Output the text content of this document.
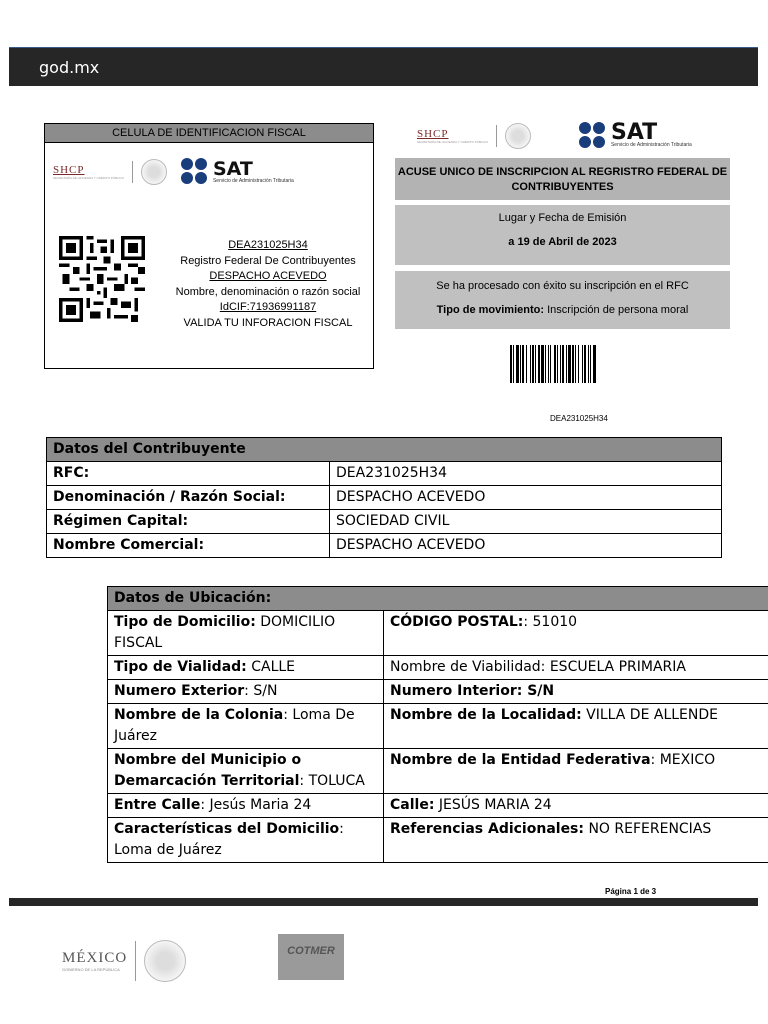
god.mx
CELULA DE IDENTIFICACION FISCAL
SHCP
SECRETARÍA DE HACIENDA Y CRÉDITO PÚBLICO	SAT
Servicio de Administración Tributaria
DEA231025H34
Registro Federal De Contribuyentes
DESPACHO ACEVEDO
Nombre, denominación o razón social
IdCIF:71936991187
VALIDA TU INFORACION FISCAL
SHCP
SECRETARÍA DE HACIENDA Y CRÉDITO PÚBLICO	SAT
Servicio de Administración Tributaria
ACUSE UNICO DE INSCRIPCION AL REGRISTRO FEDERAL DE CONTRIBUYENTES
Lugar y Fecha de Emisión
a 19 de Abril de 2023
Se ha procesado con éxito su inscripción en el RFC
Tipo de movimiento: Inscripción de persona moral
DEA231025H34
Datos del Contribuyente	
RFC:	DEA231025H34
Denominación / Razón Social:	DESPACHO ACEVEDO
Régimen Capital:	SOCIEDAD CIVIL
Nombre Comercial:	DESPACHO ACEVEDO
Datos de Ubicación:	
Tipo de Domicilio: DOMICILIO FISCAL	CÓDIGO POSTAL:: 51010
Tipo de Vialidad: CALLE	Nombre de Viabilidad: ESCUELA PRIMARIA
Numero Exterior: S/N	Numero Interior: S/N
Nombre de la Colonia: Loma De Juárez	Nombre de la Localidad: VILLA DE ALLENDE
Nombre del Municipio o Demarcación Territorial: TOLUCA	Nombre de la Entidad Federativa: MEXICO
Entre Calle: Jesús Maria 24	Calle: JESÚS MARIA 24
Características del Domicilio: Loma de Juárez	Referencias Adicionales: NO REFERENCIAS
Página 1 de 3
MÉXICO
GOBIERNO DE LA REPÚBLICA
COTMER
